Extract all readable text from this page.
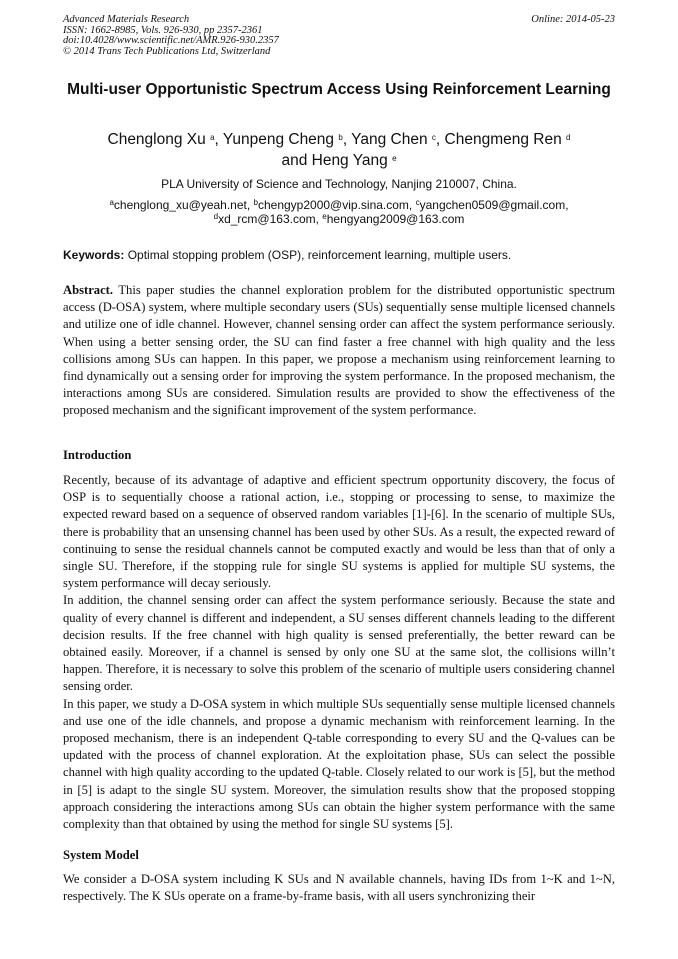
Advanced Materials Research
ISSN: 1662-8985, Vols. 926-930, pp 2357-2361
doi:10.4028/www.scientific.net/AMR.926-930.2357
© 2014 Trans Tech Publications Ltd, Switzerland
Online: 2014-05-23
Multi-user Opportunistic Spectrum Access Using Reinforcement Learning
Chenglong Xu $^a$, Yunpeng Cheng $^b$, Yang Chen $^c$, Chengmeng Ren $^d$
and Heng Yang $^e$
PLA University of Science and Technology, Nanjing 210007, China.
$^a$chenglong_xu@yeah.net, $^b$chengyp2000@vip.sina.com, $^c$yangchen0509@gmail.com,
$^d$xd_rcm@163.com, $^e$hengyang2009@163.com
Keywords: Optimal stopping problem (OSP), reinforcement learning, multiple users.
Abstract. This paper studies the channel exploration problem for the distributed opportunistic spectrum access (D-OSA) system, where multiple secondary users (SUs) sequentially sense multiple licensed channels and utilize one of idle channel. However, channel sensing order can affect the system performance seriously. When using a better sensing order, the SU can find faster a free channel with high quality and the less collisions among SUs can happen. In this paper, we propose a mechanism using reinforcement learning to find dynamically out a sensing order for improving the system performance. In the proposed mechanism, the interactions among SUs are considered. Simulation results are provided to show the effectiveness of the proposed mechanism and the significant improvement of the system performance.
Introduction

Recently, because of its advantage of adaptive and efficient spectrum opportunity discovery, the focus of OSP is to sequentially choose a rational action, i.e., stopping or processing to sense, to maximize the expected reward based on a sequence of observed random variables [1]-[6]. In the scenario of multiple SUs, there is probability that an unsensing channel has been used by other SUs. As a result, the expected reward of continuing to sense the residual channels cannot be computed exactly and would be less than that of only a single SU. Therefore, if the stopping rule for single SU systems is applied for multiple SU systems, the system performance will decay seriously.

In addition, the channel sensing order can affect the system performance seriously. Because the state and quality of every channel is different and independent, a SU senses different channels leading to the different decision results. If the free channel with high quality is sensed preferentially, the better reward can be obtained easily. Moreover, if a channel is sensed by only one SU at the same slot, the collisions willn’t happen. Therefore, it is necessary to solve this problem of the scenario of multiple users considering channel sensing order.

In this paper, we study a D-OSA system in which multiple SUs sequentially sense multiple licensed channels and use one of the idle channels, and propose a dynamic mechanism with reinforcement learning. In the proposed mechanism, there is an independent Q-table corresponding to every SU and the Q-values can be updated with the process of channel exploration. At the exploitation phase, SUs can select the possible channel with high quality according to the updated Q-table. Closely related to our work is [5], but the method in [5] is adapt to the single SU system. Moreover, the simulation results show that the proposed stopping approach considering the interactions among SUs can obtain the higher system performance with the same complexity than that obtained by using the method for single SU systems [5].

System Model
We consider a D-OSA system including K SUs and N available channels, having IDs from 1~K and 1~N, respectively. The K SUs operate on a frame-by-frame basis, with all users synchronizing their
